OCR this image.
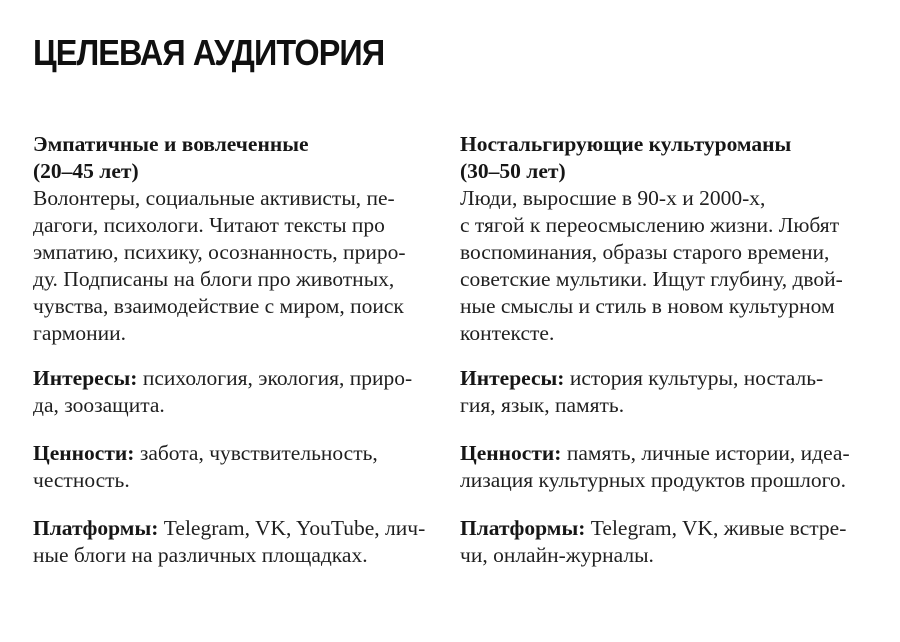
ЦЕЛЕВАЯ АУДИТОРИЯ
Эмпатичные и вовлеченные
(20–45 лет)

Волонтеры, социальные активисты, пе-
дагоги, психологи. Читают тексты про
эмпатию, психику, осознанность, приро-
ду. Подписаны на блоги про животных,
чувства, взаимодействие с миром, поиск
гармонии.

Интересы: психология, экология, приро-
да, зоозащита.

Ценности: забота, чувствительность,
честность.

Платформы: Telegram, VK, YouTube, лич-
ные блоги на различных площадках.

Ностальгирующие культуроманы
(30–50 лет)

Люди, выросшие в 90-х и 2000-х,
с тягой к переосмыслению жизни. Любят
воспоминания, образы старого времени,
советские мультики. Ищут глубину, двой-
ные смыслы и стиль в новом культурном
контексте.

Интересы: история культуры, носталь-
гия, язык, память.

Ценности: память, личные истории, идеа-
лизация культурных продуктов прошлого.

Платформы: Telegram, VK, живые встре-
чи, онлайн-журналы.
